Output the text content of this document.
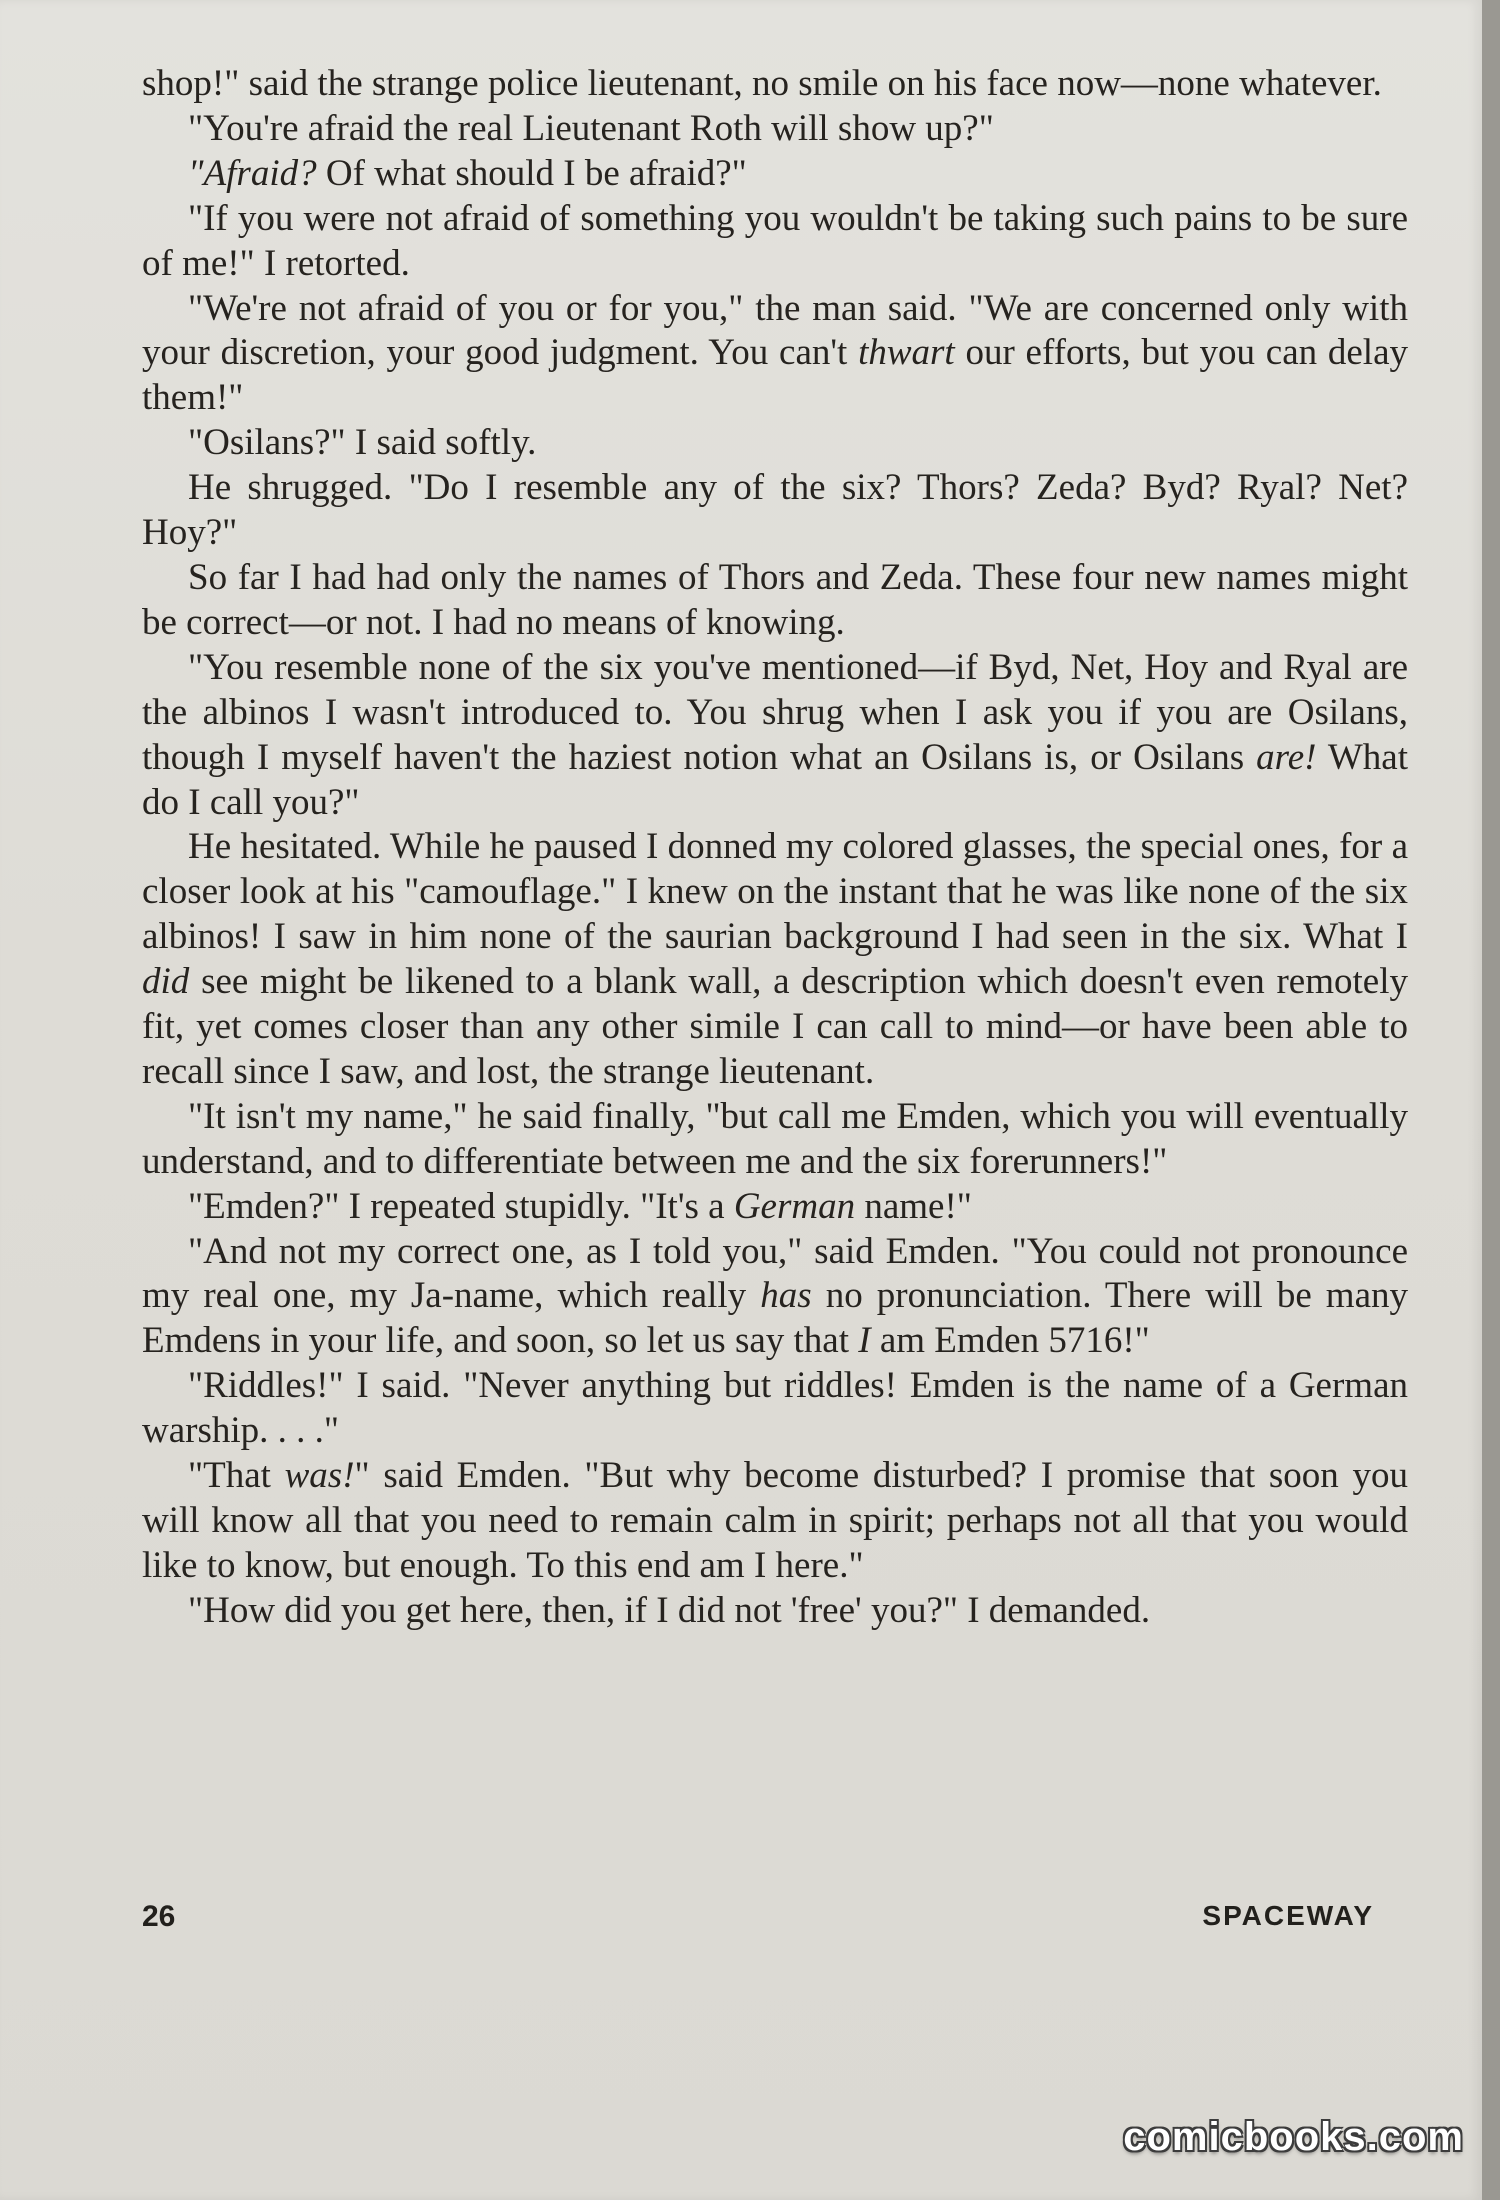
shop!" said the strange police lieutenant, no smile on his face now—none whatever.

"You're afraid the real Lieutenant Roth will show up?"

"Afraid? Of what should I be afraid?"

"If you were not afraid of something you wouldn't be taking such pains to be sure of me!" I retorted.

"We're not afraid of you or for you," the man said. "We are concerned only with your discretion, your good judgment. You can't thwart our efforts, but you can delay them!"

"Osilans?" I said softly.

He shrugged. "Do I resemble any of the six? Thors? Zeda? Byd? Ryal? Net? Hoy?"

So far I had had only the names of Thors and Zeda. These four new names might be correct—or not. I had no means of knowing.

"You resemble none of the six you've mentioned—if Byd, Net, Hoy and Ryal are the albinos I wasn't introduced to. You shrug when I ask you if you are Osilans, though I myself haven't the haziest notion what an Osilans is, or Osilans are! What do I call you?"

He hesitated. While he paused I donned my colored glasses, the special ones, for a closer look at his "camouflage." I knew on the instant that he was like none of the six albinos! I saw in him none of the saurian background I had seen in the six. What I did see might be likened to a blank wall, a description which doesn't even remotely fit, yet comes closer than any other simile I can call to mind—or have been able to recall since I saw, and lost, the strange lieutenant.

"It isn't my name," he said finally, "but call me Emden, which you will eventually understand, and to differentiate between me and the six forerunners!"

"Emden?" I repeated stupidly. "It's a German name!"

"And not my correct one, as I told you," said Emden. "You could not pronounce my real one, my Ja-name, which really has no pronunciation. There will be many Emdens in your life, and soon, so let us say that I am Emden 5716!"

"Riddles!" I said. "Never anything but riddles! Emden is the name of a German warship. . . ."

"That was!" said Emden. "But why become disturbed? I promise that soon you will know all that you need to remain calm in spirit; perhaps not all that you would like to know, but enough. To this end am I here."

"How did you get here, then, if I did not 'free' you?" I demanded.

26	SPACEWAY
comicbooks.com
